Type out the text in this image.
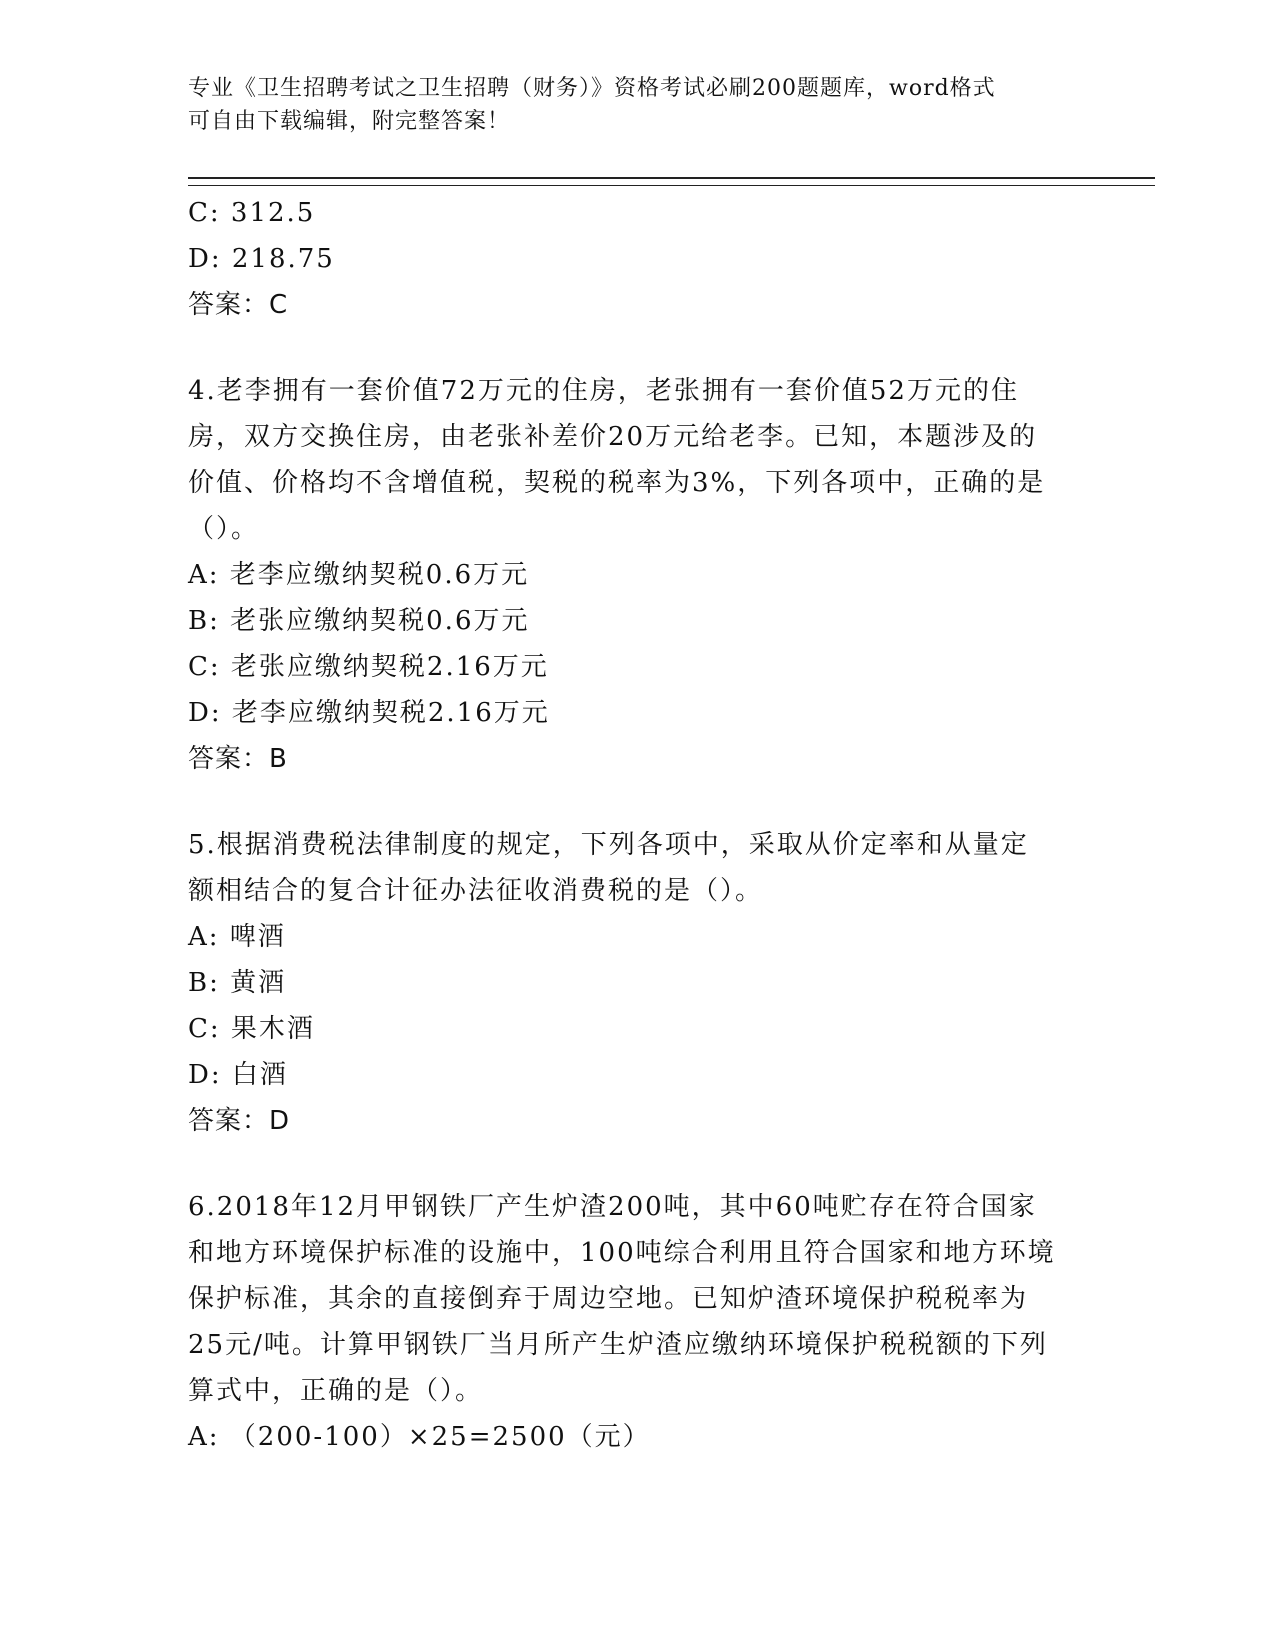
专业《卫生招聘考试之卫生招聘（财务）》资格考试必刷200题题库，word格式
可自由下载编辑，附完整答案！
C: 312.5
D: 218.75
答案：C
4.老李拥有一套价值72万元的住房，老张拥有一套价值52万元的住
房，双方交换住房，由老张补差价20万元给老李。已知，本题涉及的
价值、价格均不含增值税，契税的税率为3%，下列各项中，正确的是
（）。
A: 老李应缴纳契税0.6万元
B: 老张应缴纳契税0.6万元
C: 老张应缴纳契税2.16万元
D: 老李应缴纳契税2.16万元
答案：B
5.根据消费税法律制度的规定，下列各项中，采取从价定率和从量定
额相结合的复合计征办法征收消费税的是（）。
A: 啤酒
B: 黄酒
C: 果木酒
D: 白酒
答案：D
6.2018年12月甲钢铁厂产生炉渣200吨，其中60吨贮存在符合国家
和地方环境保护标准的设施中，100吨综合利用且符合国家和地方环境
保护标准，其余的直接倒弃于周边空地。已知炉渣环境保护税税率为
25元/吨。计算甲钢铁厂当月所产生炉渣应缴纳环境保护税税额的下列
算式中，正确的是（）。
A: （200-100）×25=2500（元）
